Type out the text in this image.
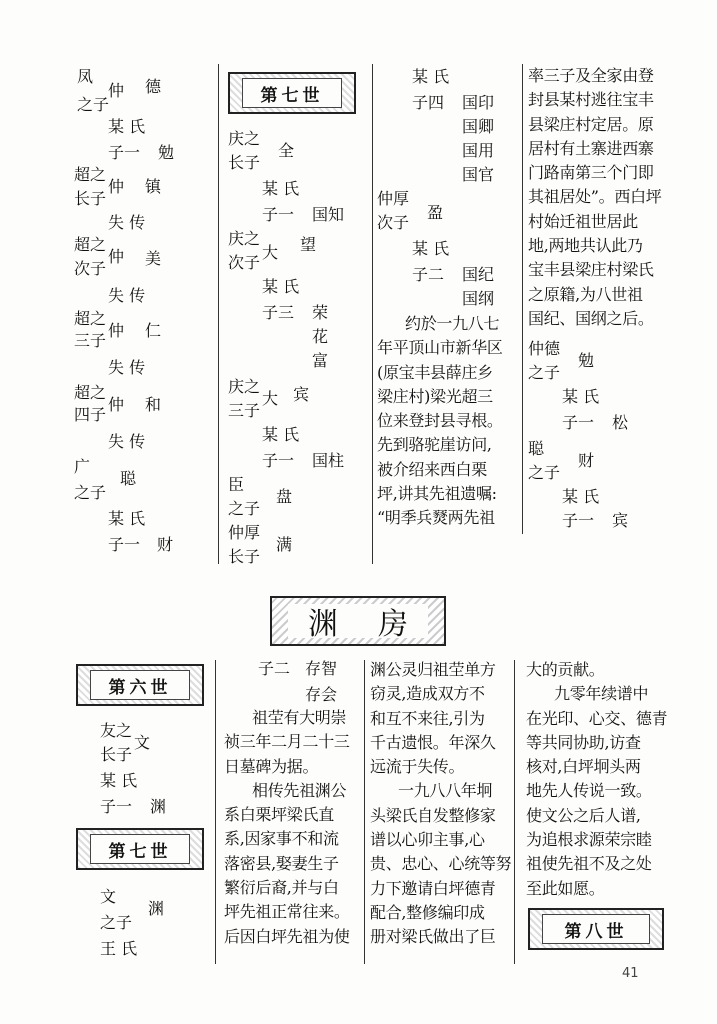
凤
之子
仲 德
某 氏
子一 勉
超之
长子
仲 镇
失 传
超之
次子
仲 美
失 传
超之
三子
仲 仁
失 传
超之
四子
仲 和
失 传
广
之子
聪
某 氏
子一 财
第七世
庆之
长子
全
某 氏
子一 国知
庆之
次子
大 望
某 氏
子三 荣
花
富
庆之
三子
大 宾
某 氏
子一 国柱
臣
之子
盘
仲厚
长子
满
某 氏
子四 国印
国卿
国用
国官
仲厚
次子
盈
某 氏
子二 国纪
国纲
约於一九八七
年平顶山市新华区
(原宝丰县薛庄乡
梁庄村)梁光超三
位来登封县寻根。
先到骆驼崖访问,
被介绍来西白栗
坪,讲其先祖遗嘱:
“明季兵燹两先祖
率三子及全家由登
封县某村逃往宝丰
县梁庄村定居。原
居村有土寨进西寨
门路南第三个门即
其祖居处”。西白坪
村始迁祖世居此
地,两地共认此乃
宝丰县梁庄村梁氏
之原籍,为八世祖
国纪、国纲之后。
仲德
之子
勉
某 氏
子一 松
聪
之子
财
某 氏
子一 宾
渊房
第六世
友之
长子
文
某 氏
子一 渊
第七世
文
之子
渊
王 氏
子二 存智
存会
祖茔有大明崇
祯三年二月二十三
日墓碑为据。
相传先祖渊公
系白栗坪梁氏直
系,因家事不和流
落密县,娶妻生子
繁衍后裔,并与白
坪先祖正常往来。
后因白坪先祖为使
渊公灵归祖茔单方
窃灵,造成双方不
和互不来往,引为
千古遗恨。年深久
远流于失传。
一九八八年坰
头梁氏自发整修家
谱以心卯主事,心
贵、忠心、心统等努
力下邀请白坪德青
配合,整修编印成
册对梁氏做出了巨
大的贡献。
九零年续谱中
在光印、心交、德青
等共同协助,访查
核对,白坪坰头两
地先人传说一致。
使文公之后人谱,
为追根求源荣宗睦
祖使先祖不及之处
至此如愿。
第八世
41
